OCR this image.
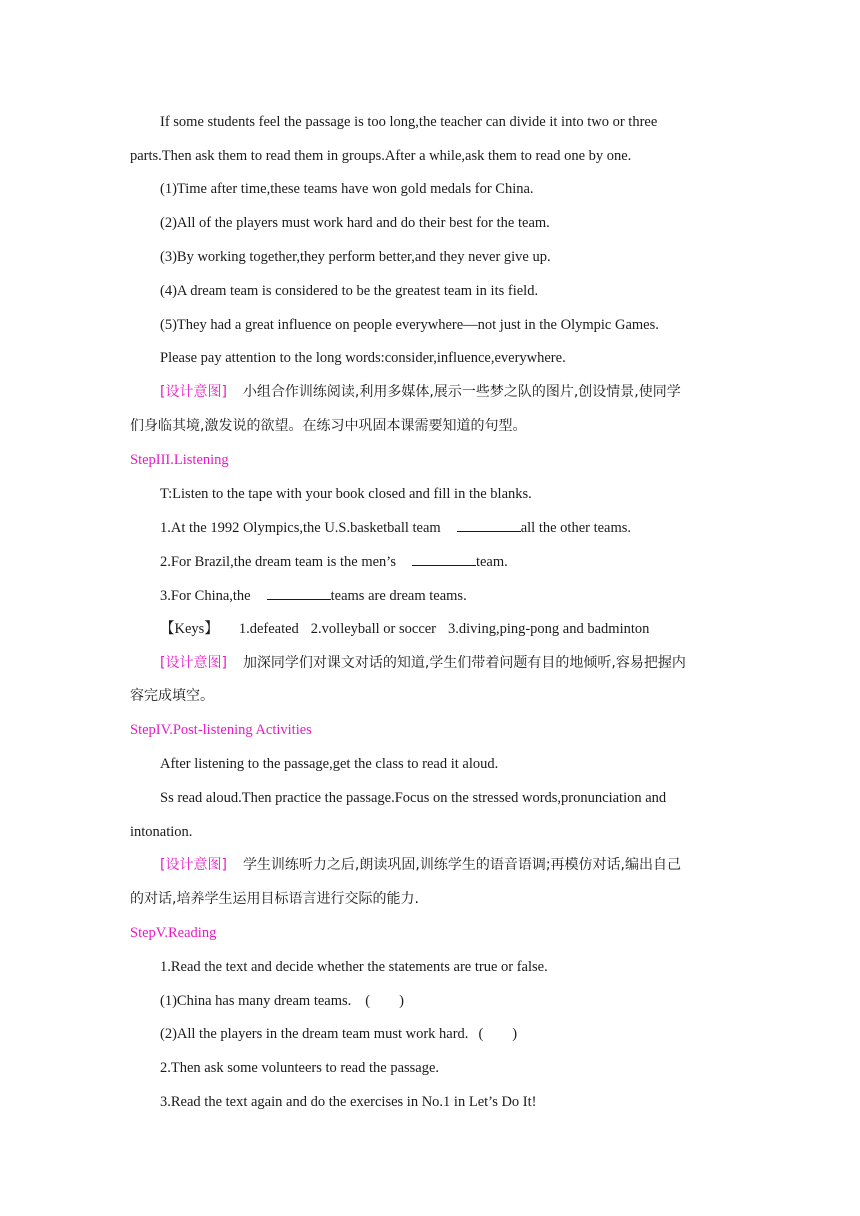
If some students feel the passage is too long,the teacher can divide it into two or three
parts.Then ask them to read them in groups.After a while,ask them to read one by one.
(1)Time after time,these teams have won gold medals for China.
(2)All of the players must work hard and do their best for the team.
(3)By working together,they perform better,and they never give up.
(4)A dream team is considered to be the greatest team in its field.
(5)They had a great influence on people everywhere—not just in the Olympic Games.
Please pay attention to the long words:consider,influence,everywhere.
[设计意图] 小组合作训练阅读,利用多媒体,展示一些梦之队的图片,创设情景,使同学
们身临其境,激发说的欲望。在练习中巩固本课需要知道的句型。
StepIII.Listening
T:Listen to the tape with your book closed and fill in the blanks.
1.At the 1992 Olympics,the U.S.basketball team	all the other teams.
2.For Brazil,the dream team is the men’s	team.
3.For China,the	teams are dream teams.
【Keys】 1.defeated 2.volleyball or soccer 3.diving,ping-pong and badminton
[设计意图] 加深同学们对课文对话的知道,学生们带着问题有目的地倾听,容易把握内
容完成填空。
StepIV.Post-listening Activities
After listening to the passage,get the class to read it aloud.
Ss read aloud.Then practice the passage.Focus on the stressed words,pronunciation and
intonation.
[设计意图] 学生训练听力之后,朗读巩固,训练学生的语音语调;再模仿对话,编出自己
的对话,培养学生运用目标语言进行交际的能力.
StepV.Reading
1.Read the text and decide whether the statements are true or false.
(1)China has many dream teams. (        )
(2)All the players in the dream team must work hard. (        )
2.Then ask some volunteers to read the passage.
3.Read the text again and do the exercises in No.1 in Let’s Do It!
